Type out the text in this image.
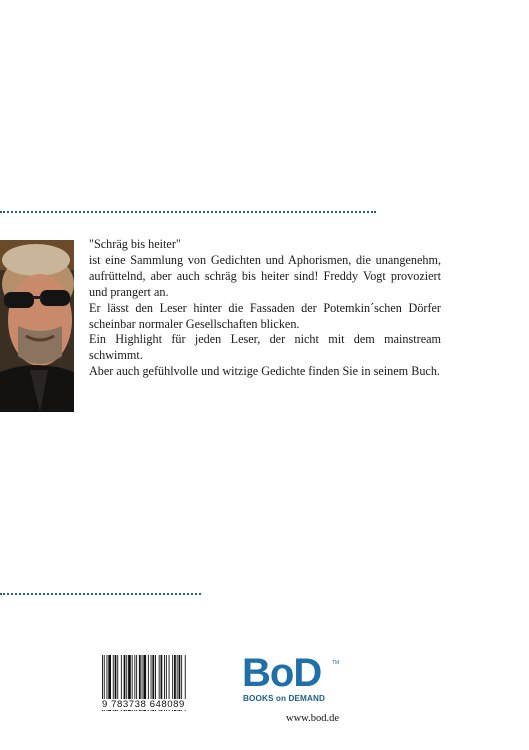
"Schräg bis heiter"

ist eine Sammlung von Gedichten und Aphorismen, die unangenehm, aufrüttelnd, aber auch schräg bis heiter sind! Freddy Vogt provoziert und prangert an.

Er lässt den Leser hinter die Fassaden der Potemkin´schen Dörfer scheinbar normaler Gesellschaften blicken.

Ein Highlight für jeden Leser, der nicht mit dem mainstream schwimmt.

Aber auch gefühlvolle und witzige Gedichte finden Sie in seinem Buch.

9 783738 648089
BoD TM
BOOKS on DEMAND
www.bod.de
